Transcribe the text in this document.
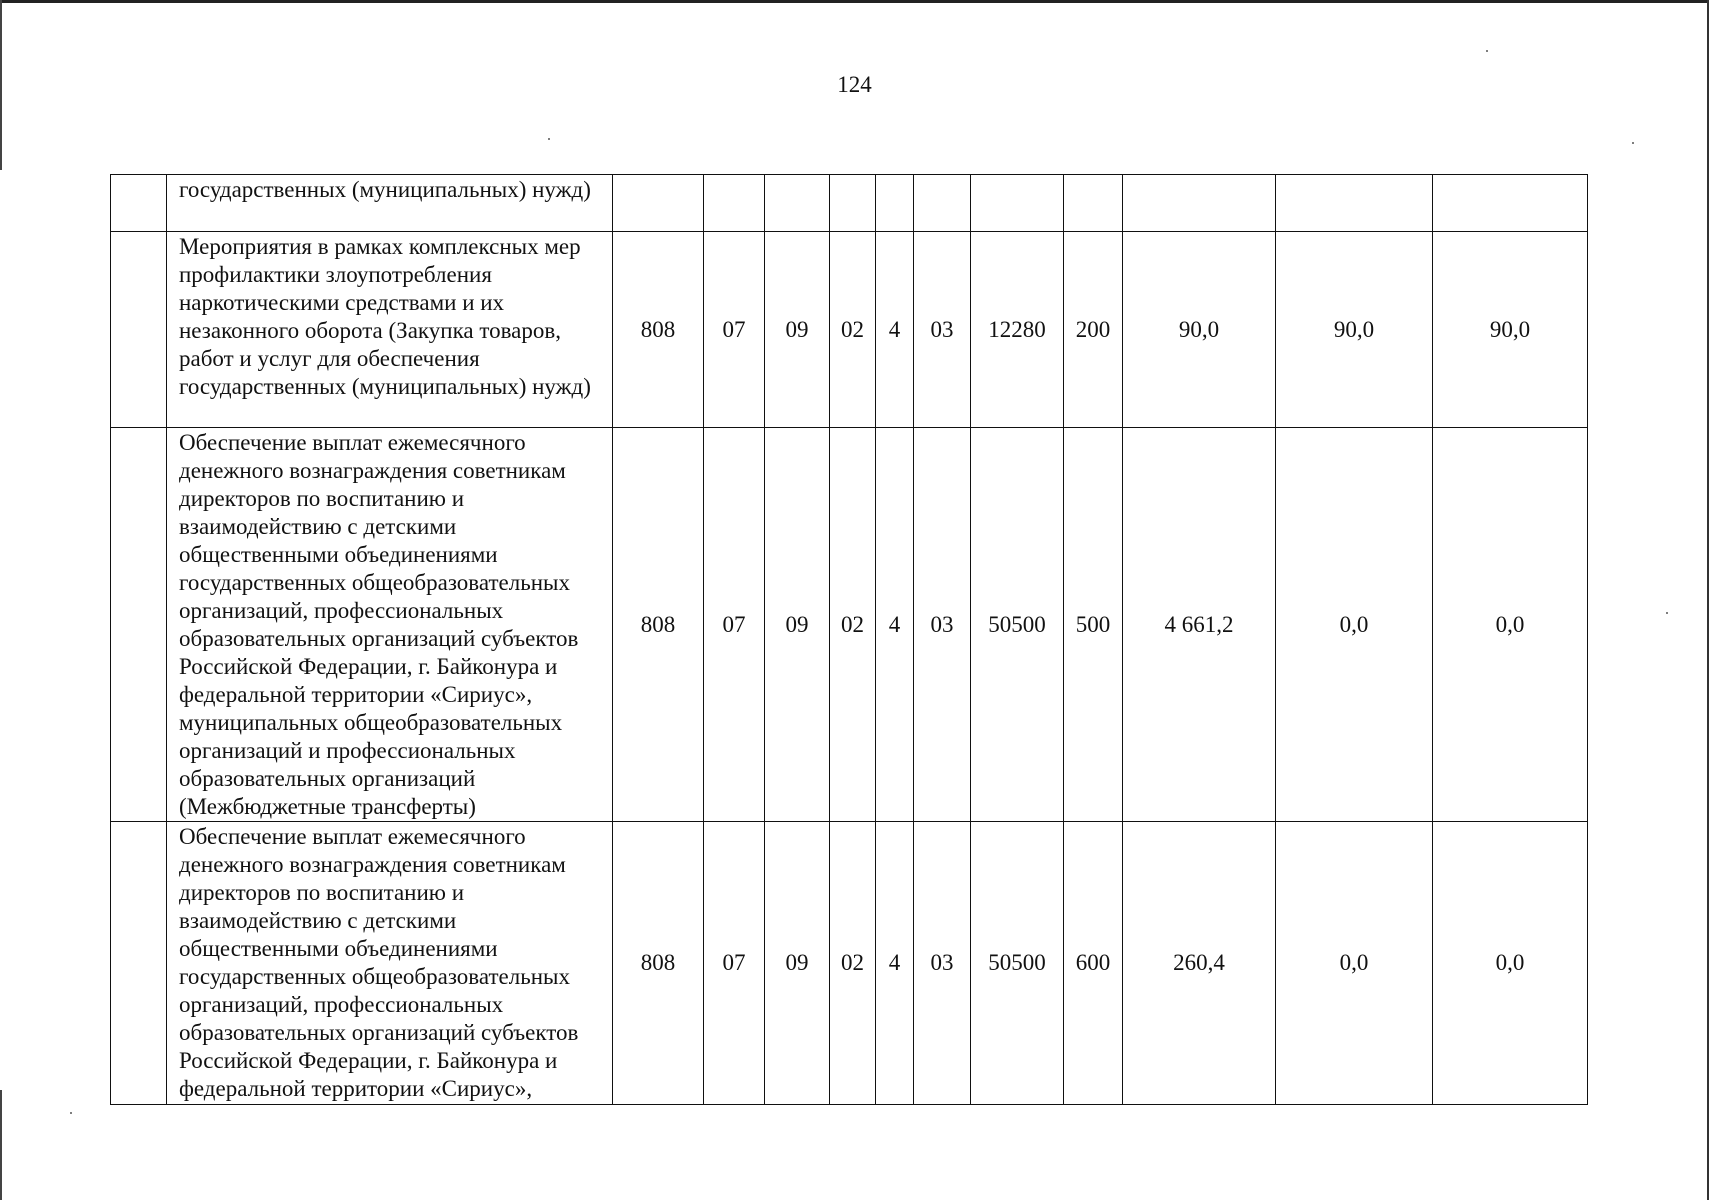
124
	государственных (муниципальных) нужд)											
	Мероприятия в рамках комплексных мер профилактики злоупотребления наркотическими средствами и их незаконного оборота (Закупка товаров, работ и услуг для обеспечения государственных (муниципальных) нужд)	808	07	09	02	4	03	12280	200	90,0	90,0	90,0
	Обеспечение выплат ежемесячного денежного вознаграждения советникам директоров по воспитанию и взаимодействию с детскими общественными объединениями государственных общеобразовательных организаций, профессиональных образовательных организаций субъектов Российской Федерации, г. Байконура и федеральной территории «Сириус», муниципальных общеобразовательных организаций и профессиональных образовательных организаций (Межбюджетные трансферты)	808	07	09	02	4	03	50500	500	4 661,2	0,0	0,0
	Обеспечение выплат ежемесячного денежного вознаграждения советникам директоров по воспитанию и взаимодействию с детскими общественными объединениями государственных общеобразовательных организаций, профессиональных образовательных организаций субъектов Российской Федерации, г. Байконура и федеральной территории «Сириус»,	808	07	09	02	4	03	50500	600	260,4	0,0	0,0
